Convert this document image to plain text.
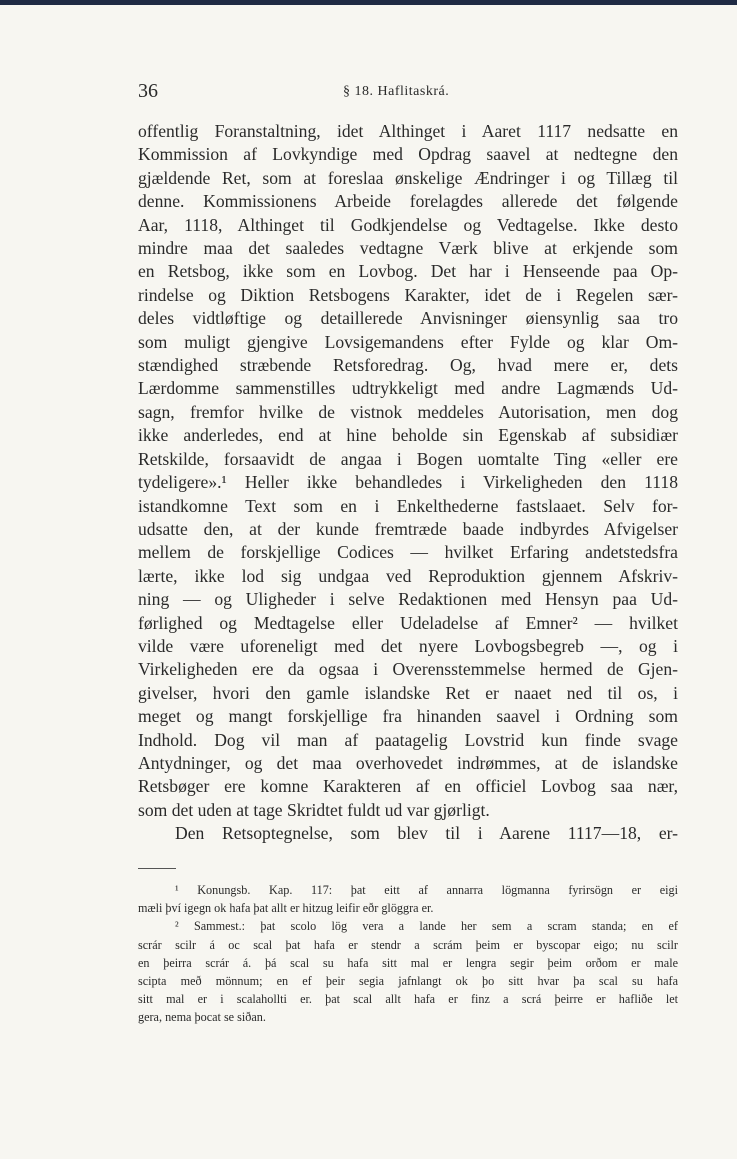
36	§ 18. Haflitaskrá.
offentlig Foranstaltning, idet Althinget i Aaret 1117 nedsatte en
Kommission af Lovkyndige med Opdrag saavel at nedtegne den
gjældende Ret, som at foreslaa ønskelige Ændringer i og Tillæg til
denne. Kommissionens Arbeide forelagdes allerede det følgende
Aar, 1118, Althinget til Godkjendelse og Vedtagelse. Ikke desto
mindre maa det saaledes vedtagne Værk blive at erkjende som
en Retsbog, ikke som en Lovbog. Det har i Henseende paa Op-
rindelse og Diktion Retsbogens Karakter, idet de i Regelen sær-
deles vidtløftige og detaillerede Anvisninger øiensynlig saa tro
som muligt gjengive Lovsigemandens efter Fylde og klar Om-
stændighed stræbende Retsforedrag. Og, hvad mere er, dets
Lærdomme sammenstilles udtrykkeligt med andre Lagmænds Ud-
sagn, fremfor hvilke de vistnok meddeles Autorisation, men dog
ikke anderledes, end at hine beholde sin Egenskab af subsidiær
Retskilde, forsaavidt de angaa i Bogen uomtalte Ting «eller ere
tydeligere».¹ Heller ikke behandledes i Virkeligheden den 1118
istandkomne Text som en i Enkelthederne fastslaaet. Selv for-
udsatte den, at der kunde fremtræde baade indbyrdes Afvigelser
mellem de forskjellige Codices — hvilket Erfaring andetstedsfra
lærte, ikke lod sig undgaa ved Reproduktion gjennem Afskriv-
ning — og Uligheder i selve Redaktionen med Hensyn paa Ud-
førlighed og Medtagelse eller Udeladelse af Emner² — hvilket
vilde være uforeneligt med det nyere Lovbogsbegreb —, og i
Virkeligheden ere da ogsaa i Overensstemmelse hermed de Gjen-
givelser, hvori den gamle islandske Ret er naaet ned til os, i
meget og mangt forskjellige fra hinanden saavel i Ordning som
Indhold. Dog vil man af paatagelig Lovstrid kun finde svage
Antydninger, og det maa overhovedet indrømmes, at de islandske
Retsbøger ere komne Karakteren af en officiel Lovbog saa nær,
som det uden at tage Skridtet fuldt ud var gjørligt.
Den Retsoptegnelse, som blev til i Aarene 1117—18, er-
¹ Konungsb. Kap. 117: þat eitt af annarra lögmanna fyrirsögn er eigi
mæli því igegn ok hafa þat allt er hitzug leifir eðr glöggra er.
² Sammest.: þat scolo lög vera a lande her sem a scram standa; en ef
scrár scilr á oc scal þat hafa er stendr a scrám þeim er byscopar eigo; nu scilr
en þeirra scrár á. þá scal su hafa sitt mal er lengra segir þeim orðom er male
scipta með mönnum; en ef þeir segia jafnlangt ok þo sitt hvar þa scal su hafa
sitt mal er i scalahollti er. þat scal allt hafa er finz a scrá þeirre er hafliðe let
gera, nema þocat se siðan.
